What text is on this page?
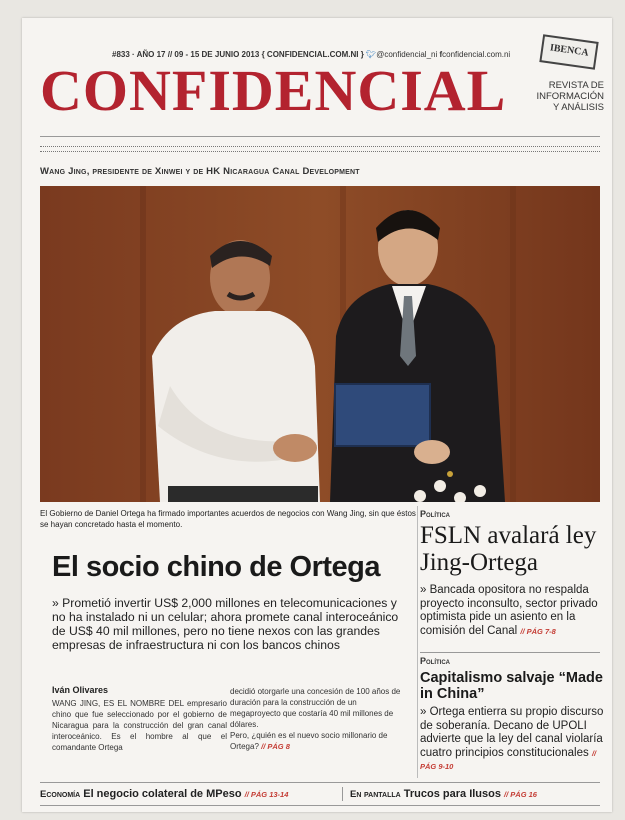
#833 · AÑO 17 // 09 - 15 DE JUNIO 2013 { CONFIDENCIAL.COM.NI } 🐦︎@confidencial_ni fconfidencial.com.ni
CONFIDENCIAL
IBENCA
REVISTA DE
INFORMACIÓN
Y ANÁLISIS
Wang Jing, presidente de Xinwei y de HK Nicaragua Canal Development
El Gobierno de Daniel Ortega ha firmado importantes acuerdos de negocios con Wang Jing, sin que éstos se hayan concretado hasta el momento.
El socio chino de Ortega
» Prometió invertir US$ 2,000 millones en telecomunicaciones y no ha instalado ni un celular; ahora promete canal interoceánico de US$ 40 mil millones, pero no tiene nexos con las grandes empresas de infraestructura ni con los bancos chinos
Iván Olivares
WANG JING, ES EL NOMBRE DEL empresario chino que fue seleccionado por el gobierno de Nicaragua para la construcción del gran canal interoceánico. Es el hombre al que el comandante Ortega
decidió otorgarle una concesión de 100 años de duración para la construcción de un megaproyecto que costaría 40 mil millones de dólares.
Pero, ¿quién es el nuevo socio millonario de Ortega? // PÁG 8
Política
FSLN avalará ley Jing-Ortega
» Bancada opositora no respalda proyecto inconsulto, sector privado optimista pide un asiento en la comisión del Canal // PÁG 7-8
Política
Capitalismo salvaje “Made in China”
» Ortega entierra su propio discurso de soberanía. Decano de UPOLI advierte que la ley del canal violaría cuatro principios constitucionales // PÁG 9-10
Economía El negocio colateral de MPeso // PÁG 13-14	En pantalla Trucos para Ilusos // PÁG 16
